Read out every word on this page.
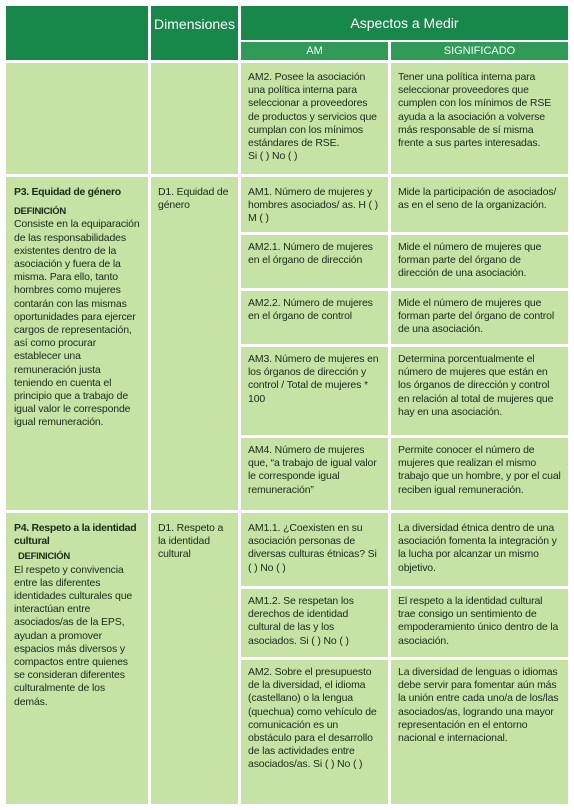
Dimensiones	Aspectos a Medir
AM	SIGNIFICADO
AM2. Posee la asociación una política interna para seleccionar a proveedores de productos y servicios que cumplan con los mínimos estándares de RSE.
Si ( ) No ( )
Tener una política interna para seleccionar proveedores que cumplen con los mínimos de RSE ayuda a la asociación a volverse más responsable de sí misma frente a sus partes interesadas.
P3. Equidad de género
DEFINICIÓN
Consiste en la equiparación de las responsabilidades existentes dentro de la asociación y fuera de la misma. Para ello, tanto hombres como mujeres contarán con las mismas oportunidades para ejercer cargos de representación, así como procurar establecer una remuneración justa teniendo en cuenta el principio que a trabajo de igual valor le corresponde igual remuneración.
D1. Equidad de género
AM1. Número de mujeres y hombres asociados/ as. H ( ) M ( )
Mide la participación de asociados/ as en el seno de la organización.
AM2.1. Número de mujeres en el órgano de dirección
Mide el número de mujeres que forman parte del órgano de dirección de una asociación.
AM2.2. Número de mujeres en el órgano de control
Mide el número de mujeres que forman parte del órgano de control de una asociación.
AM3. Número de mujeres en los órganos de dirección y control / Total de mujeres * 100
Determina porcentualmente el número de mujeres que están en los órganos de dirección y control en relación al total de mujeres que hay en una asociación.
AM4. Número de mujeres que, “a trabajo de igual valor le corresponde igual remuneración”
Permite conocer el número de mujeres que realizan el mismo trabajo que un hombre, y por el cual reciben igual remuneración.
P4. Respeto a la identidad cultural
DEFINICIÓN
El respeto y convivencia entre las diferentes identidades culturales que interactúan entre asociados/as de la EPS, ayudan a promover espacios más diversos y compactos entre quienes se consideran diferentes culturalmente de los demás.
D1. Respeto a la identidad cultural
AM1.1. ¿Coexisten en su asociación personas de diversas culturas étnicas? Si ( ) No ( )
La diversidad étnica dentro de una asociación fomenta la integración y la lucha por alcanzar un mismo objetivo.
AM1.2. Se respetan los derechos de identidad cultural de las y los asociados. Si ( ) No ( )
El respeto a la identidad cultural trae consigo un sentimiento de empoderamiento único dentro de la asociación.
AM2. Sobre el presupuesto de la diversidad, el idioma (castellano) o la lengua (quechua) como vehículo de comunicación es un obstáculo para el desarrollo de las actividades entre asociados/as. Si ( ) No ( )
La diversidad de lenguas o idiomas debe servir para fomentar aún más la unión entre cada uno/a de los/las asociados/as, logrando una mayor representación en el entorno nacional e internacional.
